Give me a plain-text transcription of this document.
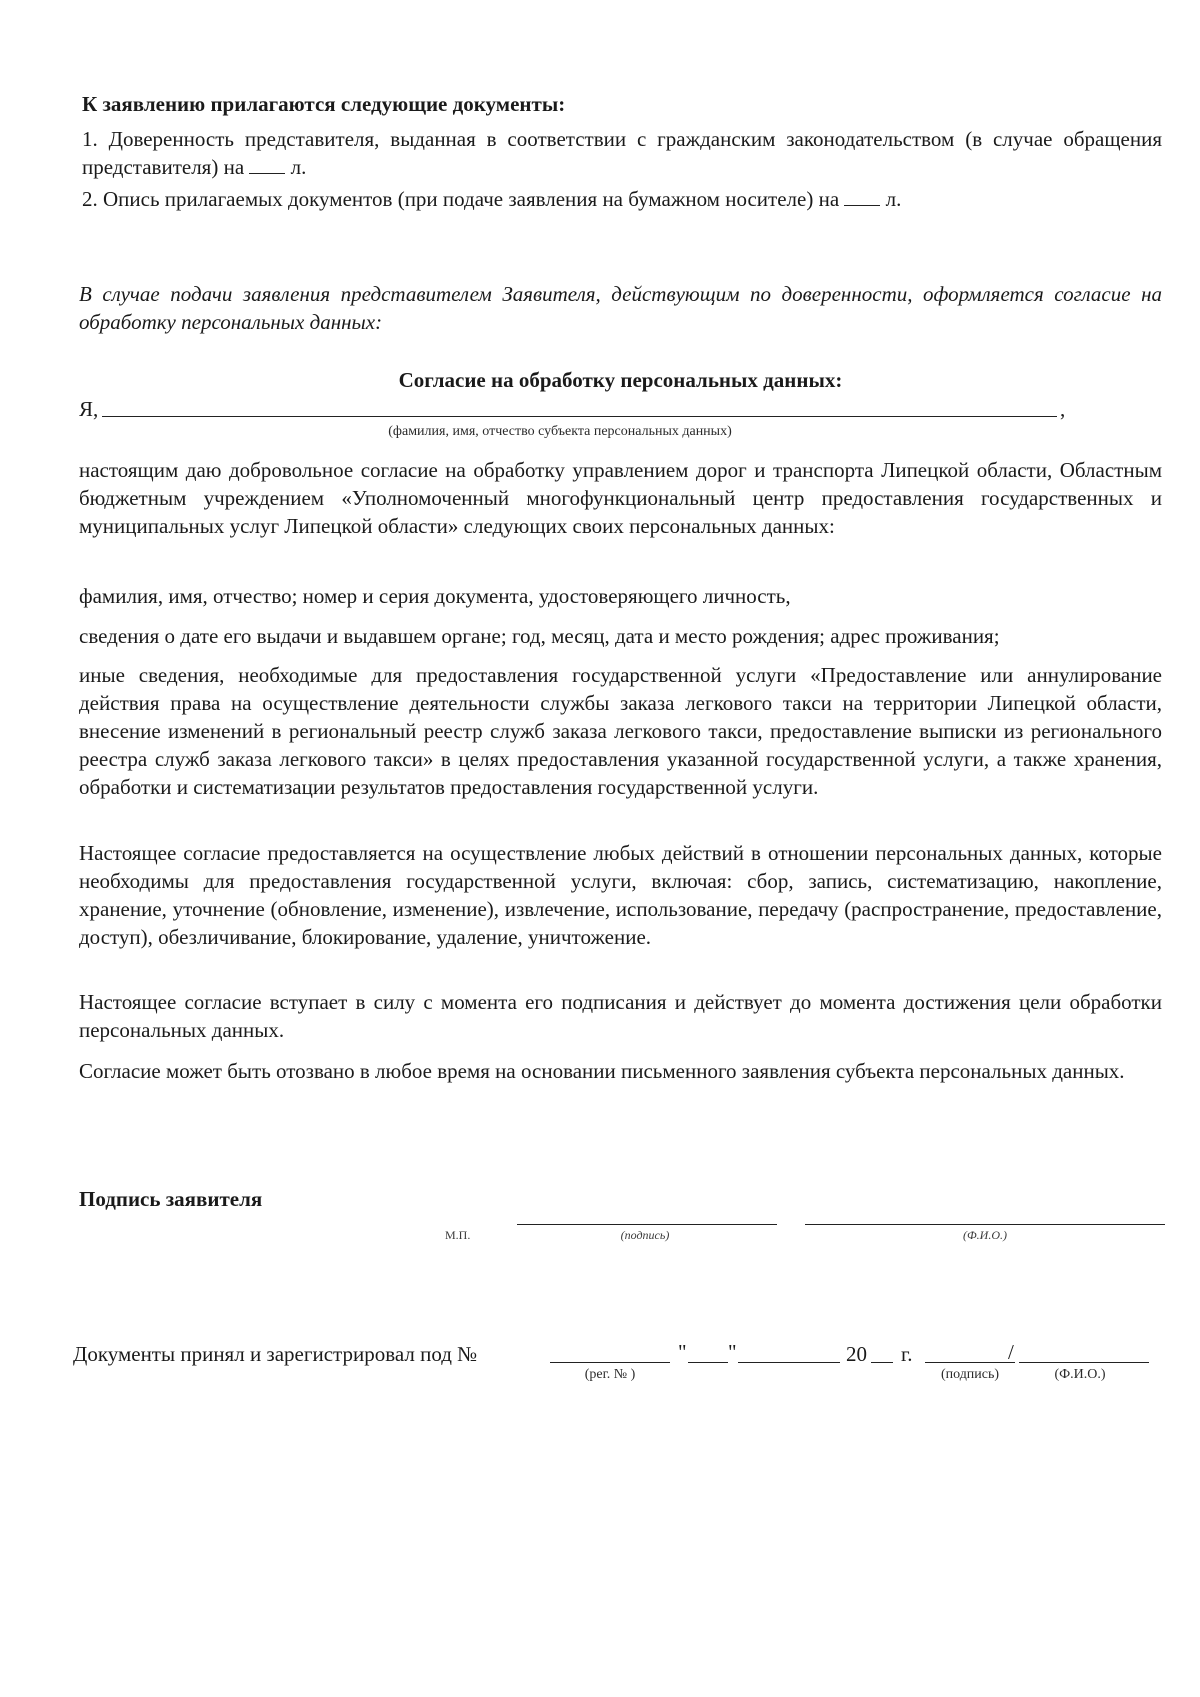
К заявлению прилагаются следующие документы:
1. Доверенность представителя, выданная в соответствии с гражданским законодательством (в случае обращения представителя) на л.
2. Опись прилагаемых документов (при подаче заявления на бумажном носителе) на л.
В случае подачи заявления представителем Заявителя, действующим по доверенности, оформляется согласие на обработку персональных данных:
Согласие на обработку персональных данных:
Я,	,
(фамилия, имя, отчество субъекта персональных данных)
настоящим даю добровольное согласие на обработку управлением дорог и транспорта Липецкой области, Областным бюджетным учреждением «Уполномоченный многофункциональный центр предоставления государственных и муниципальных услуг Липецкой области» следующих своих персональных данных:
фамилия, имя, отчество; номер и серия документа, удостоверяющего личность,
сведения о дате его выдачи и выдавшем органе; год, месяц, дата и место рождения; адрес проживания;
иные сведения, необходимые для предоставления государственной услуги «Предоставление или аннулирование действия права на осуществление деятельности службы заказа легкового такси на территории Липецкой области, внесение изменений в региональный реестр служб заказа легкового такси, предоставление выписки из регионального реестра служб заказа легкового такси» в целях предоставления указанной государственной услуги, а также хранения, обработки и систематизации результатов предоставления государственной услуги.
Настоящее согласие предоставляется на осуществление любых действий в отношении персональных данных, которые необходимы для предоставления государственной услуги, включая: сбор, запись, систематизацию, накопление, хранение, уточнение (обновление, изменение), извлечение, использование, передачу (распространение, предоставление, доступ), обезличивание, блокирование, удаление, уничтожение.
Настоящее согласие вступает в силу с момента его подписания и действует до момента достижения цели обработки персональных данных.
Согласие может быть отозвано в любое время на основании письменного заявления субъекта персональных данных.
Подпись заявителя
М.П.	(подпись)	(Ф.И.О.)
Документы принял и зарегистрировал под №
(рег. № )
" "	20 г.
(подпись)
/
(Ф.И.О.)
